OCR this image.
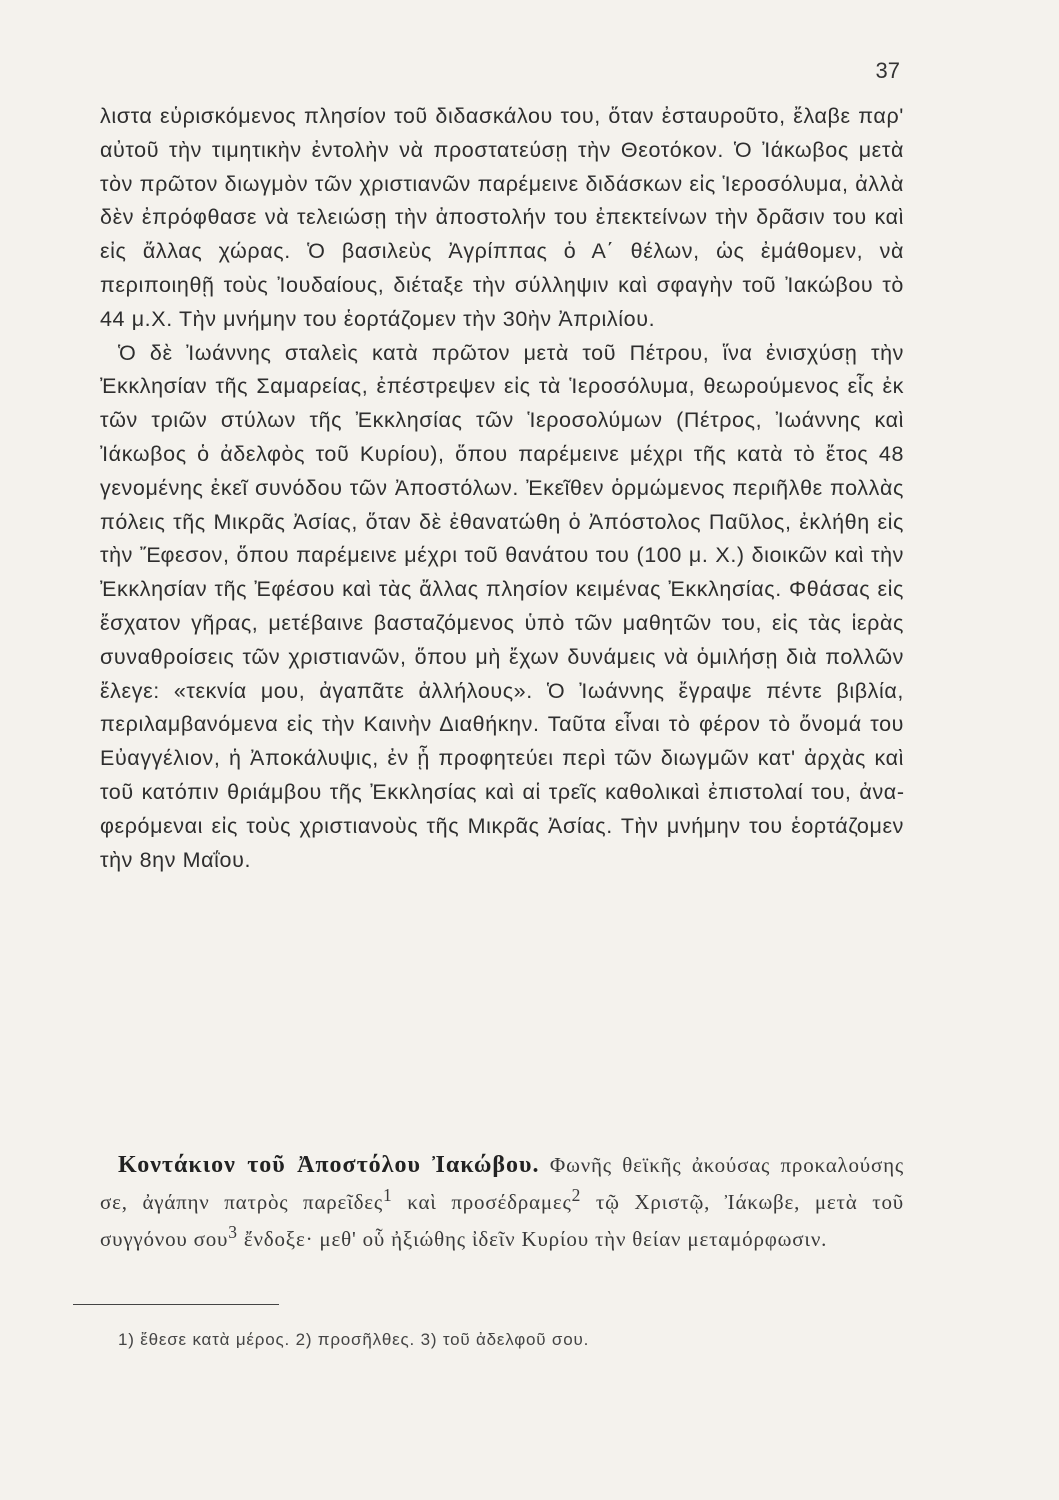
37

λιστα εὑρισκόμενος πλησίον τοῦ διδασκάλου του, ὅταν ἐσταυροῦτο, ἔλαβε παρ' αὐτοῦ τὴν τιμητικὴν ἐντολὴν νὰ προστατεύσῃ τὴν Θεοτόκον. Ὁ Ἰάκωβος μετὰ τὸν πρῶτον διωγμὸν τῶν χριστιανῶν παρέμεινε διδάσκων εἰς Ἱεροσόλυμα, ἀλλὰ δὲν ἐπρόφθασε νὰ τελειώσῃ τὴν ἀποστολήν του ἐπεκτείνων τὴν δρᾶσιν του καὶ εἰς ἄλλας χώρας. Ὁ βασιλεὺς Ἀγρίππας ὁ Α΄ θέλων, ὡς ἐμάθομεν, νὰ περιποιηθῇ τοὺς Ἰουδαίους, διέταξε τὴν σύλληψιν καὶ σφαγὴν τοῦ Ἰακώβου τὸ 44 μ.Χ. Τὴν μνήμην του ἑορτάζομεν τὴν 30ὴν Ἀπριλίου.

Ὁ δὲ Ἰωάννης σταλεὶς κατὰ πρῶτον μετὰ τοῦ Πέτρου, ἵνα ἐνισχύσῃ τὴν Ἐκκλησίαν τῆς Σαμαρείας, ἐπέστρεψεν εἰς τὰ Ἱεροσόλυμα, θεωρούμενος εἷς ἐκ τῶν τριῶν στύλων τῆς Ἐκκλησίας τῶν Ἱεροσολύμων (Πέτρος, Ἰωάννης καὶ Ἰάκωβος ὁ ἀδελφὸς τοῦ Κυρίου), ὅπου παρέμεινε μέχρι τῆς κατὰ τὸ ἔτος 48 γενομένης ἐκεῖ συνόδου τῶν Ἀποστόλων. Ἐκεῖθεν ὁρμώμενος περιῆλθε πολλὰς πόλεις τῆς Μικρᾶς Ἀσίας, ὅταν δὲ ἐθανατώθη ὁ Ἀπόστολος Παῦλος, ἐκλήθη εἰς τὴν Ἔφεσον, ὅπου παρέμεινε μέχρι τοῦ θανάτου του (100 μ. Χ.) διοικῶν καὶ τὴν Ἐκκλησίαν τῆς Ἐφέσου καὶ τὰς ἄλλας πλησίον κειμένας Ἐκκλησίας. Φθάσας εἰς ἔσχατον γῆρας, μετέβαινε βασταζόμενος ὑπὸ τῶν μαθητῶν του, εἰς τὰς ἱερὰς συναθροίσεις τῶν χριστιανῶν, ὅπου μὴ ἔχων δυνάμεις νὰ ὁμιλήσῃ διὰ πολλῶν ἔλεγε: «τεκνία μου, ἀγαπᾶτε ἀλλήλους». Ὁ Ἰωάννης ἔγραψε πέντε βιβλία, περιλαμβανόμενα εἰς τὴν Καινὴν Διαθήκην. Ταῦτα εἶναι τὸ φέρον τὸ ὄνομά του Εὐαγγέλιον, ἡ Ἀποκάλυψις, ἐν ᾗ προφητεύει περὶ τῶν διωγμῶν κατ' ἀρχὰς καὶ τοῦ κατόπιν θριάμβου τῆς Ἐκκλησίας καὶ αἱ τρεῖς καθολικαὶ ἐπιστολαί του, ἀναφερόμεναι εἰς τοὺς χριστιανοὺς τῆς Μικρᾶς Ἀσίας. Τὴν μνήμην του ἑορτάζομεν τὴν 8ην Μαΐου.

Κοντάκιον τοῦ Ἀποστόλου Ἰακώβου. Φωνῆς θεϊκῆς ἀκούσας προκαλούσης σε, ἀγάπην πατρὸς παρεῖδες$^1$ καὶ προσέδραμες$^2$ τῷ Χριστῷ, Ἰάκωβε, μετὰ τοῦ συγγόνου σου$^3$ ἔνδοξε· μεθ' οὗ ἠξιώθης ἰδεῖν Κυρίου τὴν θείαν μεταμόρφωσιν.

1) ἔθεσε κατὰ μέρος. 2) προσῆλθες. 3) τοῦ ἀδελφοῦ σου.
